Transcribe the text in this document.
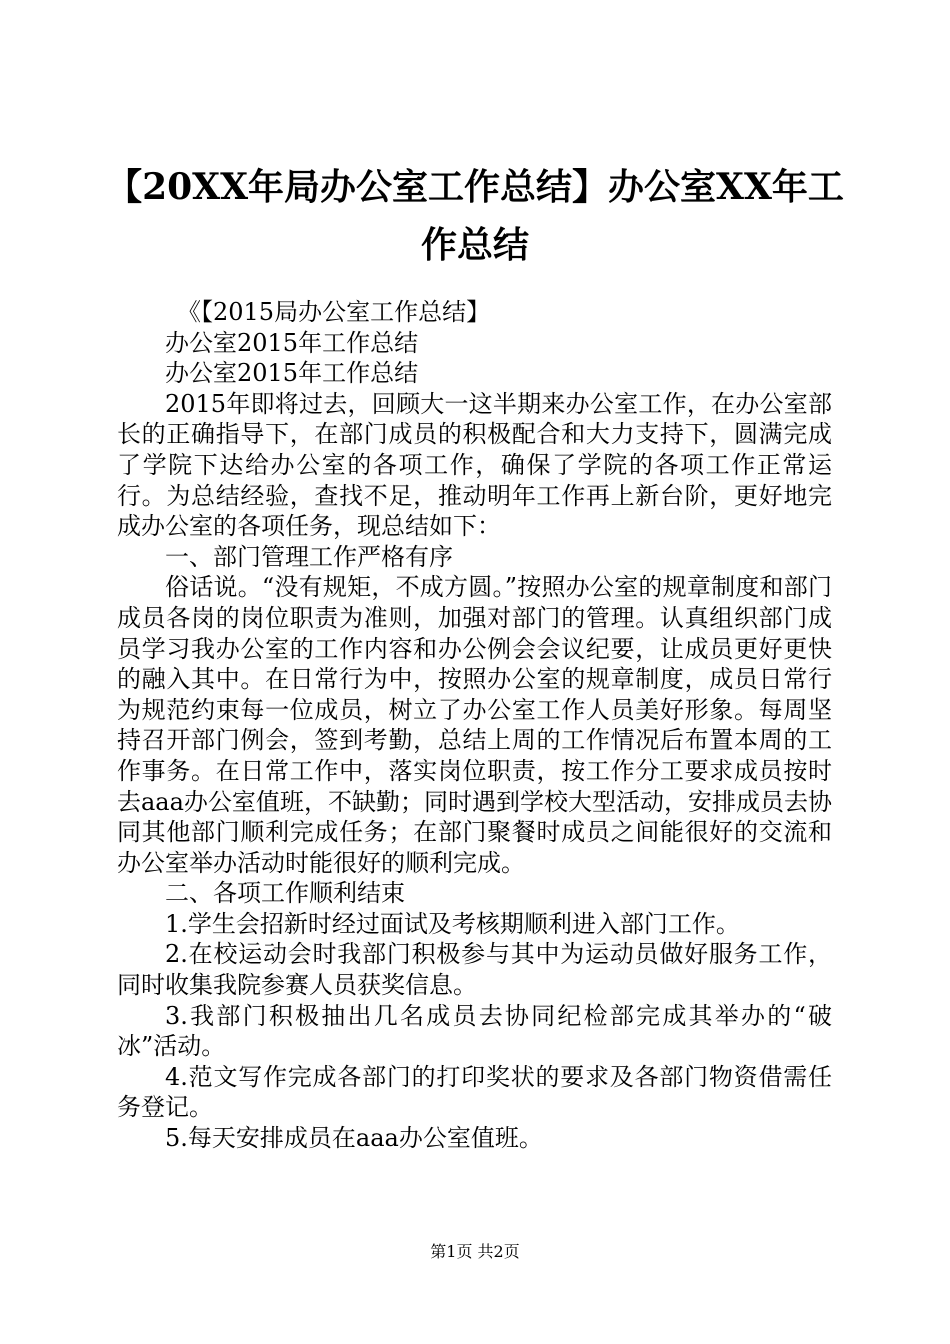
【20XX年局办公室工作总结】办公室XX年工作总结

《【2015局办公室工作总结】

办公室2015年工作总结

办公室2015年工作总结

2015年即将过去，回顾大一这半期来办公室工作，在办公室部长的正确指导下，在部门成员的积极配合和大力支持下，圆满完成了学院下达给办公室的各项工作，确保了学院的各项工作正常运行。为总结经验，查找不足，推动明年工作再上新台阶，更好地完成办公室的各项任务，现总结如下：

一、部门管理工作严格有序

俗话说。“没有规矩，不成方圆。”按照办公室的规章制度和部门成员各岗的岗位职责为准则，加强对部门的管理。认真组织部门成员学习我办公室的工作内容和办公例会会议纪要，让成员更好更快的融入其中。在日常行为中，按照办公室的规章制度，成员日常行为规范约束每一位成员，树立了办公室工作人员美好形象。每周坚持召开部门例会，签到考勤，总结上周的工作情况后布置本周的工作事务。在日常工作中，落实岗位职责，按工作分工要求成员按时去aaa办公室值班，不缺勤；同时遇到学校大型活动，安排成员去协同其他部门顺利完成任务；在部门聚餐时成员之间能很好的交流和办公室举办活动时能很好的顺利完成。

二、各项工作顺利结束

1.学生会招新时经过面试及考核期顺利进入部门工作。

2.在校运动会时我部门积极参与其中为运动员做好服务工作，同时收集我院参赛人员获奖信息。

3.我部门积极抽出几名成员去协同纪检部完成其举办的“破冰”活动。

4.范文写作完成各部门的打印奖状的要求及各部门物资借需任务登记。

5.每天安排成员在aaa办公室值班。

第1页 共2页
